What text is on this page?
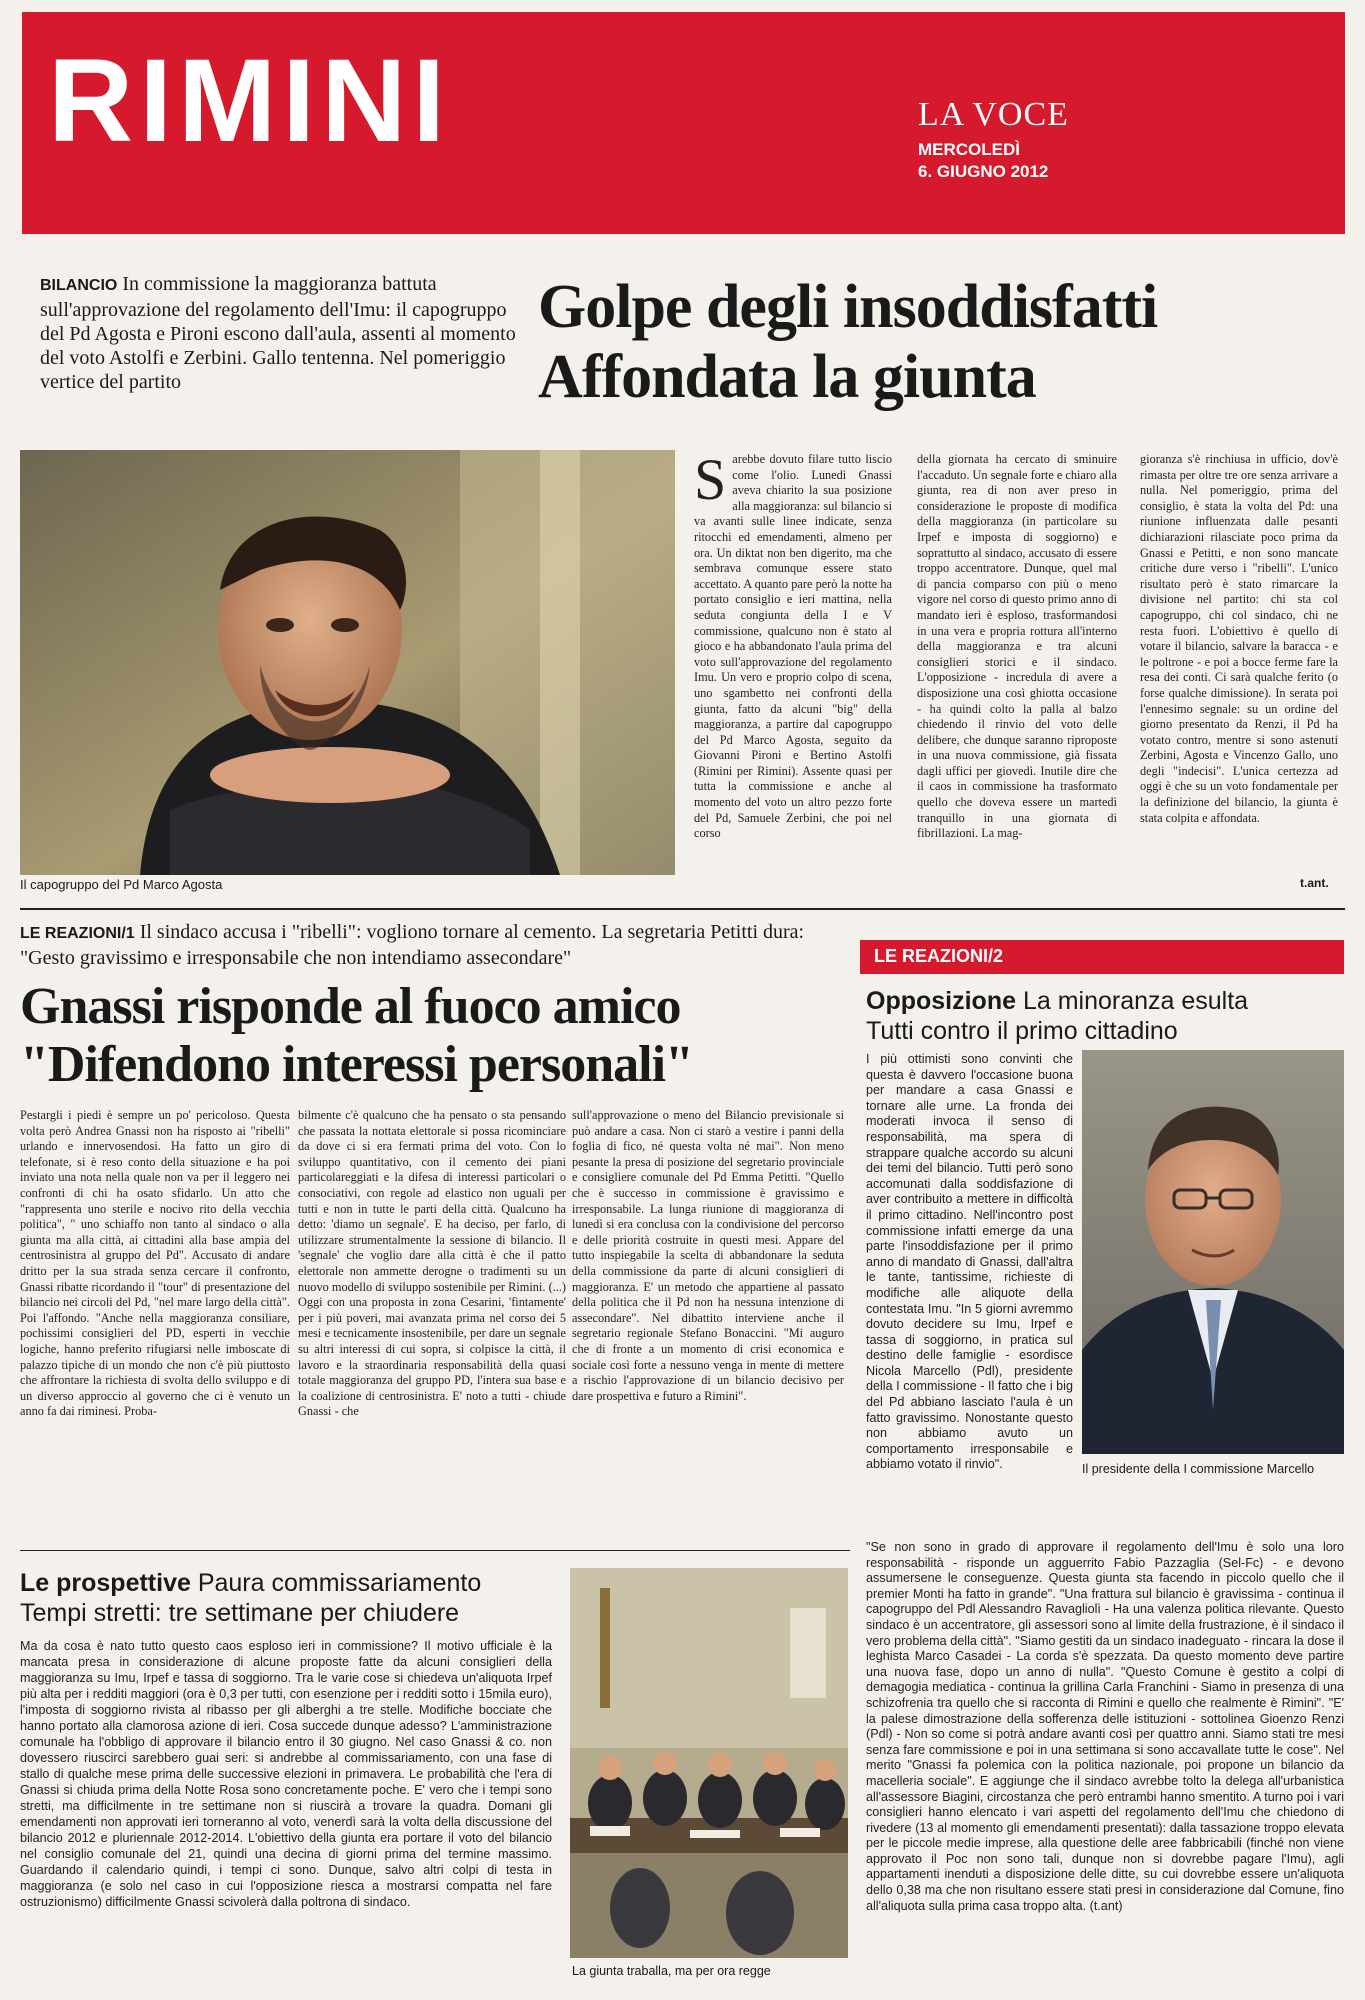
RIMINI	LA VOCE
MERCOLEDÌ
6. GIUGNO 2012
BILANCIO In commissione la maggioranza battuta sull'approvazione del regolamento dell'Imu: il capogruppo del Pd Agosta e Pironi escono dall'aula, assenti al momento del voto Astolfi e Zerbini. Gallo tentenna. Nel pomeriggio vertice del partito
Golpe degli insoddisfatti
Affondata la giunta
Il capogruppo del Pd Marco Agosta
Sarebbe dovuto filare tutto liscio come l'olio. Lunedì Gnassi aveva chiarito la sua posizione alla maggioranza: sul bilancio si va avanti sulle linee indicate, senza ritocchi ed emendamenti, almeno per ora. Un diktat non ben digerito, ma che sembrava comunque essere stato accettato. A quanto pare però la notte ha portato consiglio e ieri mattina, nella seduta congiunta della I e V commissione, qualcuno non è stato al gioco e ha abbandonato l'aula prima del voto sull'approvazione del regolamento Imu. Un vero e proprio colpo di scena, uno sgambetto nei confronti della giunta, fatto da alcuni "big" della maggioranza, a partire dal capogruppo del Pd Marco Agosta, seguito da Giovanni Pironi e Bertino Astolfi (Rimini per Rimini). Assente quasi per tutta la commissione e anche al momento del voto un altro pezzo forte del Pd, Samuele Zerbini, che poi nel corso
della giornata ha cercato di sminuire l'accaduto. Un segnale forte e chiaro alla giunta, rea di non aver preso in considerazione le proposte di modifica della maggioranza (in particolare su Irpef e imposta di soggiorno) e soprattutto al sindaco, accusato di essere troppo accentratore. Dunque, quel mal di pancia comparso con più o meno vigore nel corso di questo primo anno di mandato ieri è esploso, trasformandosi in una vera e propria rottura all'interno della maggioranza e tra alcuni consiglieri storici e il sindaco. L'opposizione - incredula di avere a disposizione una così ghiotta occasione - ha quindi colto la palla al balzo chiedendo il rinvio del voto delle delibere, che dunque saranno riproposte in una nuova commissione, già fissata dagli uffici per giovedì. Inutile dire che il caos in commissione ha trasformato quello che doveva essere un martedì tranquillo in una giornata di fibrillazioni. La mag-
gioranza s'è rinchiusa in ufficio, dov'è rimasta per oltre tre ore senza arrivare a nulla. Nel pomeriggio, prima del consiglio, è stata la volta del Pd: una riunione influenzata dalle pesanti dichiarazioni rilasciate poco prima da Gnassi e Petitti, e non sono mancate critiche dure verso i "ribelli". L'unico risultato però è stato rimarcare la divisione nel partito: chi sta col capogruppo, chi col sindaco, chi ne resta fuori. L'obiettivo è quello di votare il bilancio, salvare la baracca - e le poltrone - e poi a bocce ferme fare la resa dei conti. Ci sarà qualche ferito (o forse qualche dimissione). In serata poi l'ennesimo segnale: su un ordine del giorno presentato da Renzi, il Pd ha votato contro, mentre si sono astenuti Zerbini, Agosta e Vincenzo Gallo, uno degli "indecisi". L'unica certezza ad oggi è che su un voto fondamentale per la definizione del bilancio, la giunta è stata colpita e affondata.
t.ant.
LE REAZIONI/1 Il sindaco accusa i "ribelli": vogliono tornare al cemento. La segretaria Petitti dura: "Gesto gravissimo e irresponsabile che non intendiamo assecondare"
Gnassi risponde al fuoco amico
"Difendono interessi personali"
Pestargli i piedi è sempre un po' pericoloso. Questa volta però Andrea Gnassi non ha risposto ai "ribelli" urlando e innervosendosi. Ha fatto un giro di telefonate, si è reso conto della situazione e ha poi inviato una nota nella quale non va per il leggero nei confronti di chi ha osato sfidarlo. Un atto che "rappresenta uno sterile e nocivo rito della vecchia politica", " uno schiaffo non tanto al sindaco o alla giunta ma alla città, ai cittadini alla base ampia del centrosinistra al gruppo del Pd". Accusato di andare dritto per la sua strada senza cercare il confronto, Gnassi ribatte ricordando il "tour" di presentazione del bilancio nei circoli del Pd, "nel mare largo della città". Poi l'affondo. "Anche nella maggioranza consiliare, pochissimi consiglieri del PD, esperti in vecchie logiche, hanno preferito rifugiarsi nelle imboscate di palazzo tipiche di un mondo che non c'è più piuttosto che affrontare la richiesta di svolta dello sviluppo e di un diverso approccio al governo che ci è venuto un anno fa dai riminesi. Proba-
bilmente c'è qualcuno che ha pensato o sta pensando che passata la nottata elettorale si possa ricominciare da dove ci si era fermati prima del voto. Con lo sviluppo quantitativo, con il cemento dei piani particolareggiati e la difesa di interessi particolari o consociativi, con regole ad elastico non uguali per tutti e non in tutte le parti della città. Qualcuno ha detto: 'diamo un segnale'. E ha deciso, per farlo, di utilizzare strumentalmente la sessione di bilancio. Il 'segnale' che voglio dare alla città è che il patto elettorale non ammette derogne o tradimenti su un nuovo modello di sviluppo sostenibile per Rimini. (...) Oggi con una proposta in zona Cesarini, 'fintamente' per i più poveri, mai avanzata prima nel corso dei 5 mesi e tecnicamente insostenibile, per dare un segnale su altri interessi di cui sopra, si colpisce la città, il lavoro e la straordinaria responsabilità della quasi totale maggioranza del gruppo PD, l'intera sua base e la coalizione di centrosinistra. E' noto a tutti - chiude Gnassi - che
sull'approvazione o meno del Bilancio previsionale si può andare a casa. Non ci starò a vestire i panni della foglia di fico, né questa volta né mai". Non meno pesante la presa di posizione del segretario provinciale e consigliere comunale del Pd Emma Petitti. "Quello che è successo in commissione è gravissimo e irresponsabile. La lunga riunione di maggioranza di lunedì si era conclusa con la condivisione del percorso e delle priorità costruite in questi mesi. Appare del tutto inspiegabile la scelta di abbandonare la seduta della commissione da parte di alcuni consiglieri di maggioranza. E' un metodo che appartiene al passato della politica che il Pd non ha nessuna intenzione di assecondare". Nel dibattito interviene anche il segretario regionale Stefano Bonaccini. "Mi auguro che di fronte a un momento di crisi economica e sociale così forte a nessuno venga in mente di mettere a rischio l'approvazione di un bilancio decisivo per dare prospettiva e futuro a Rimini".
LE REAZIONI/2
Opposizione La minoranza esulta
Tutti contro il primo cittadino
I più ottimisti sono convinti che questa è davvero l'occasione buona per mandare a casa Gnassi e tornare alle urne. La fronda dei moderati invoca il senso di responsabilità, ma spera di strappare qualche accordo su alcuni dei temi del bilancio. Tutti però sono accomunati dalla soddisfazione di aver contribuito a mettere in difficoltà il primo cittadino. Nell'incontro post commissione infatti emerge da una parte l'insoddisfazione per il primo anno di mandato di Gnassi, dall'altra le tante, tantissime, richieste di modifiche alle aliquote della contestata Imu. "In 5 giorni avremmo dovuto decidere su Imu, Irpef e tassa di soggiorno, in pratica sul destino delle famiglie - esordisce Nicola Marcello (Pdl), presidente della I commissione - Il fatto che i big del Pd abbiano lasciato l'aula è un fatto gravissimo. Nonostante questo non abbiamo avuto un comportamento irresponsabile e abbiamo votato il rinvio".	Il presidente della I commissione Marcello
"Se non sono in grado di approvare il regolamento dell'Imu è solo una loro responsabilità - risponde un agguerrito Fabio Pazzaglia (Sel-Fc) - e devono assumersene le conseguenze. Questa giunta sta facendo in piccolo quello che il premier Monti ha fatto in grande". "Una frattura sul bilancio è gravissima - continua il capogruppo del Pdl Alessandro Ravagliolì - Ha una valenza politica rilevante. Questo sindaco è un accentratore, gli assessori sono al limite della frustrazione, è il sindaco il vero problema della città". "Siamo gestiti da un sindaco inadeguato - rincara la dose il leghista Marco Casadei - La corda s'è spezzata. Da questo momento deve partire una nuova fase, dopo un anno di nulla". "Questo Comune è gestito a colpi di demagogia mediatica - continua la grillina Carla Franchini - Siamo in presenza di una schizofrenia tra quello che si racconta di Rimini e quello che realmente è Rimini". "E' la palese dimostrazione della sofferenza delle istituzioni - sottolinea Gioenzo Renzi (Pdl) - Non so come si potrà andare avanti così per quattro anni. Siamo stati tre mesi senza fare commissione e poi in una settimana si sono accavallate tutte le cose". Nel merito "Gnassi fa polemica con la politica nazionale, poi propone un bilancio da macelleria sociale". E aggiunge che il sindaco avrebbe tolto la delega all'urbanistica all'assessore Biagini, circostanza che però entrambi hanno smentito. A turno poi i vari consiglieri hanno elencato i vari aspetti del regolamento dell'Imu che chiedono di rivedere (13 al momento gli emendamenti presentati): dalla tassazione troppo elevata per le piccole medie imprese, alla questione delle aree fabbricabili (finché non viene approvato il Poc non sono tali, dunque non si dovrebbe pagare l'Imu), agli appartamenti inenduti a disposizione delle ditte, su cui dovrebbe essere un'aliquota dello 0,38 ma che non risultano essere stati presi in considerazione dal Comune, fino all'aliquota sulla prima casa troppo alta. (t.ant)
Le prospettive Paura commissariamento
Tempi stretti: tre settimane per chiudere
Ma da cosa è nato tutto questo caos esploso ieri in commissione? Il motivo ufficiale è la mancata presa in considerazione di alcune proposte fatte da alcuni consiglieri della maggioranza su Imu, Irpef e tassa di soggiorno. Tra le varie cose si chiedeva un'aliquota Irpef più alta per i redditi maggiori (ora è 0,3 per tutti, con esenzione per i redditi sotto i 15mila euro), l'imposta di soggiorno rivista al ribasso per gli alberghi a tre stelle. Modifiche bocciate che hanno portato alla clamorosa azione di ieri. Cosa succede dunque adesso? L'amministrazione comunale ha l'obbligo di approvare il bilancio entro il 30 giugno. Nel caso Gnassi & co. non dovessero riuscirci sarebbero guai seri: si andrebbe al commissariamento, con una fase di stallo di qualche mese prima delle successive elezioni in primavera. Le probabilità che l'era di Gnassi si chiuda prima della Notte Rosa sono concretamente poche. E' vero che i tempi sono stretti, ma difficilmente in tre settimane non si riuscirà a trovare la quadra. Domani gli emendamenti non approvati ieri torneranno al voto, venerdì sarà la volta della discussione del bilancio 2012 e pluriennale 2012-2014. L'obiettivo della giunta era portare il voto del bilancio nel consiglio comunale del 21, quindi una decina di giorni prima del termine massimo. Guardando il calendario quindi, i tempi ci sono. Dunque, salvo altri colpi di testa in maggioranza (e solo nel caso in cui l'opposizione riesca a mostrarsi compatta nel fare ostruzionismo) difficilmente Gnassi scivolerà dalla poltrona di sindaco.
La giunta traballa, ma per ora regge
